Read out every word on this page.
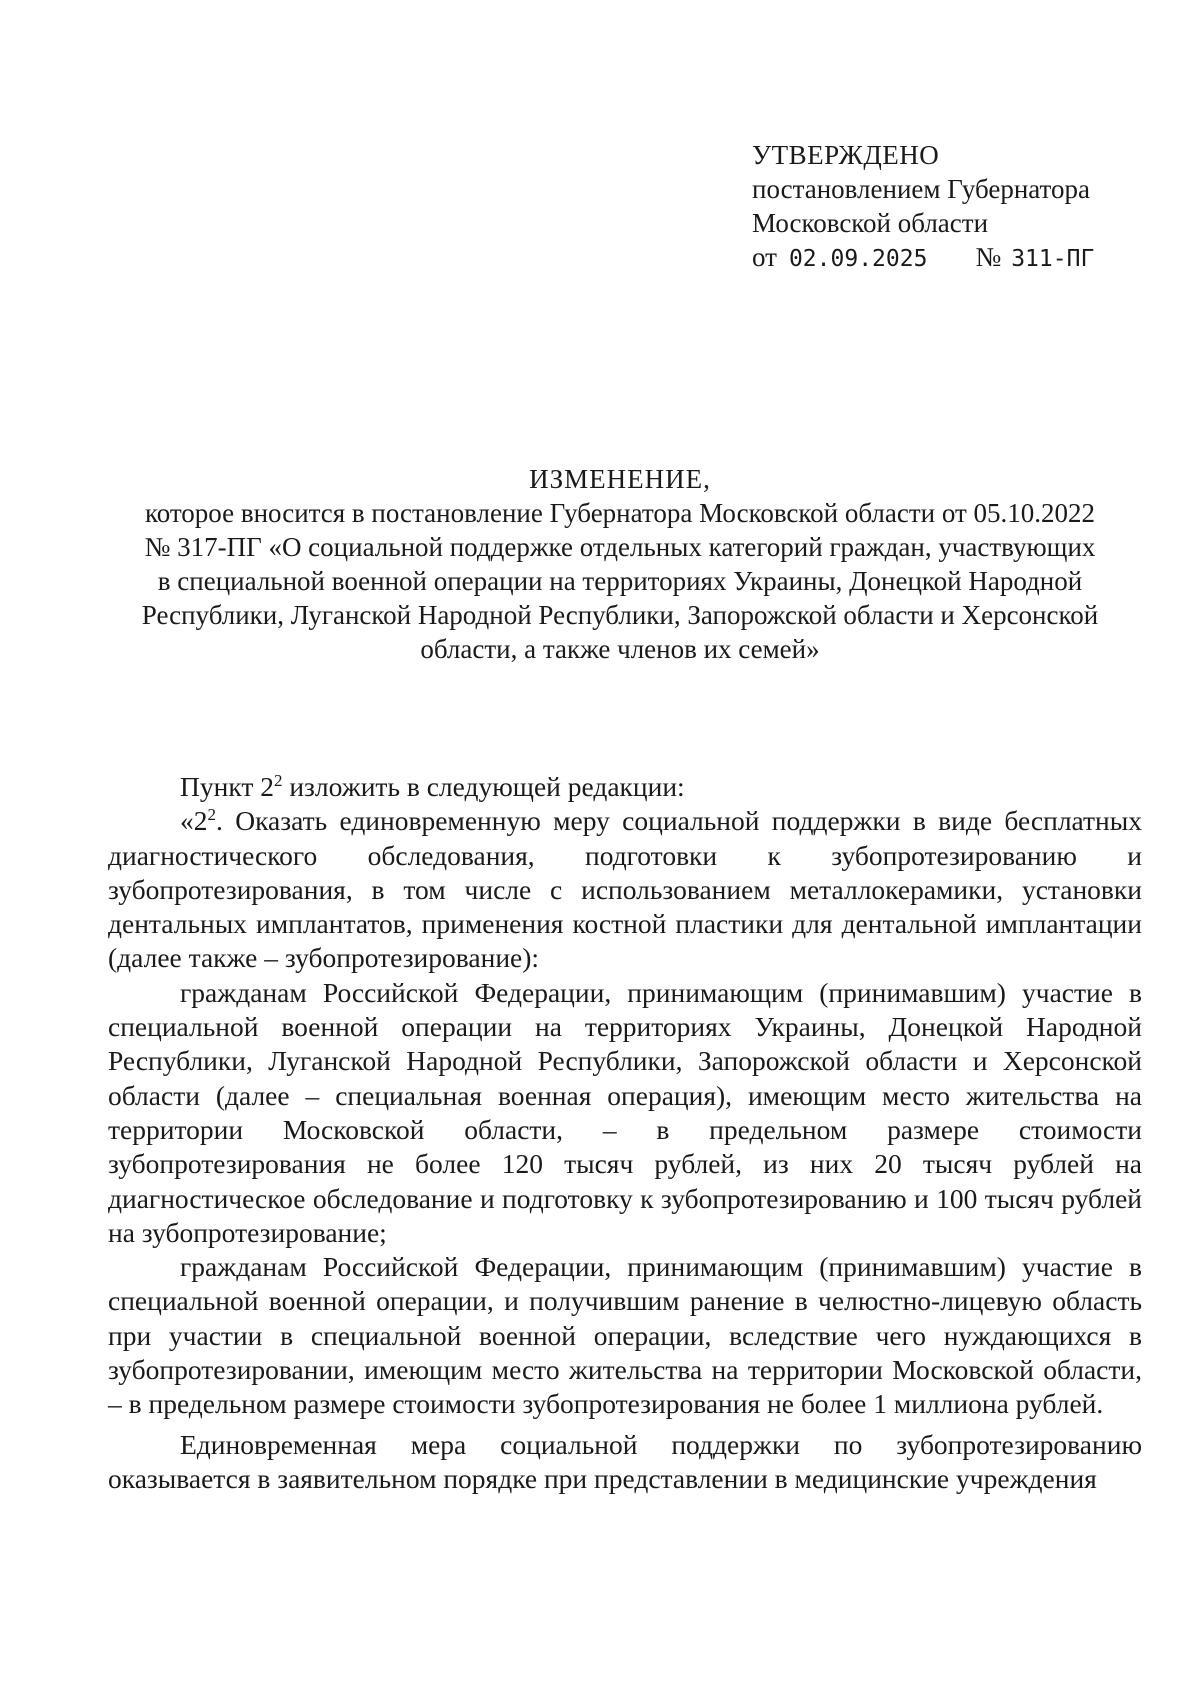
УТВЕРЖДЕНО
постановлением Губернатора
Московской области
от 02.09.2025 № 311-ПГ
ИЗМЕНЕНИЕ,
которое вносится в постановление Губернатора Московской области от 05.10.2022
№ 317-ПГ «О социальной поддержке отдельных категорий граждан, участвующих
в специальной военной операции на территориях Украины, Донецкой Народной
Республики, Луганской Народной Республики, Запорожской области и Херсонской
области, а также членов их семей»

Пункт $2^2$ изложить в следующей редакции:

«$2^2$. Оказать единовременную меру социальной поддержки в виде бесплатных диагностического обследования, подготовки к зубопротезированию и зубопротезирования, в том числе с использованием металлокерамики, установки дентальных имплантатов, применения костной пластики для дентальной имплантации (далее также – зубопротезирование):

гражданам Российской Федерации, принимающим (принимавшим) участие в специальной военной операции на территориях Украины, Донецкой Народной Республики, Луганской Народной Республики, Запорожской области и Херсонской области (далее – специальная военная операция), имеющим место жительства на территории Московской области, – в предельном размере стоимости зубопротезирования не более 120 тысяч рублей, из них 20 тысяч рублей на диагностическое обследование и подготовку к зубопротезированию и 100 тысяч рублей на зубопротезирование;

гражданам Российской Федерации, принимающим (принимавшим) участие в специальной военной операции, и получившим ранение в челюстно-лицевую область при участии в специальной военной операции, вследствие чего нуждающихся в зубопротезировании, имеющим место жительства на территории Московской области, – в предельном размере стоимости зубопротезирования не более 1 миллиона рублей.

Единовременная мера социальной поддержки по зубопротезированию оказывается в заявительном порядке при представлении в медицинские учреждения
